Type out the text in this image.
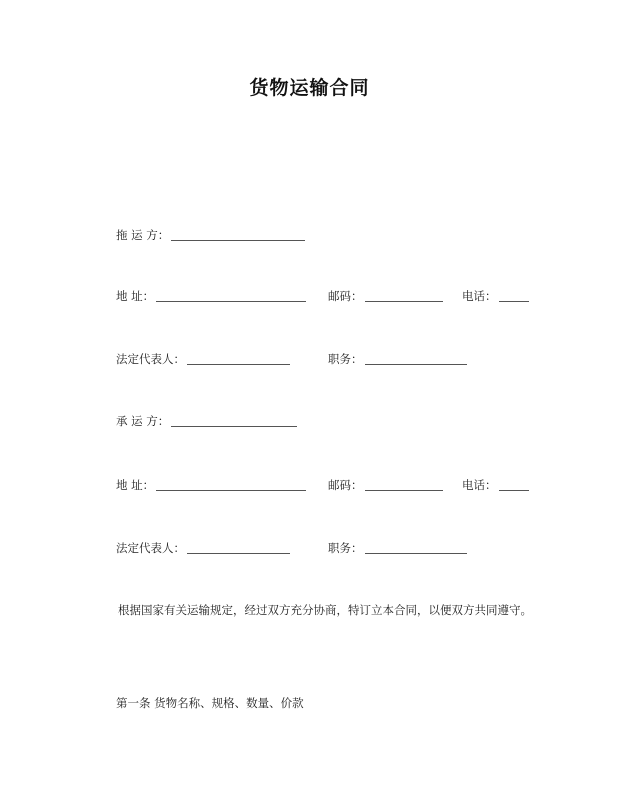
货物运输合同
拖 运 方：
地 址：	邮码：	电话：
法定代表人：	职务：
承 运 方：
地 址：	邮码：	电话：
法定代表人：	职务：
根据国家有关运输规定，经过双方充分协商，特订立本合同，以便双方共同遵守。
第一条 货物名称、规格、数量、价款
